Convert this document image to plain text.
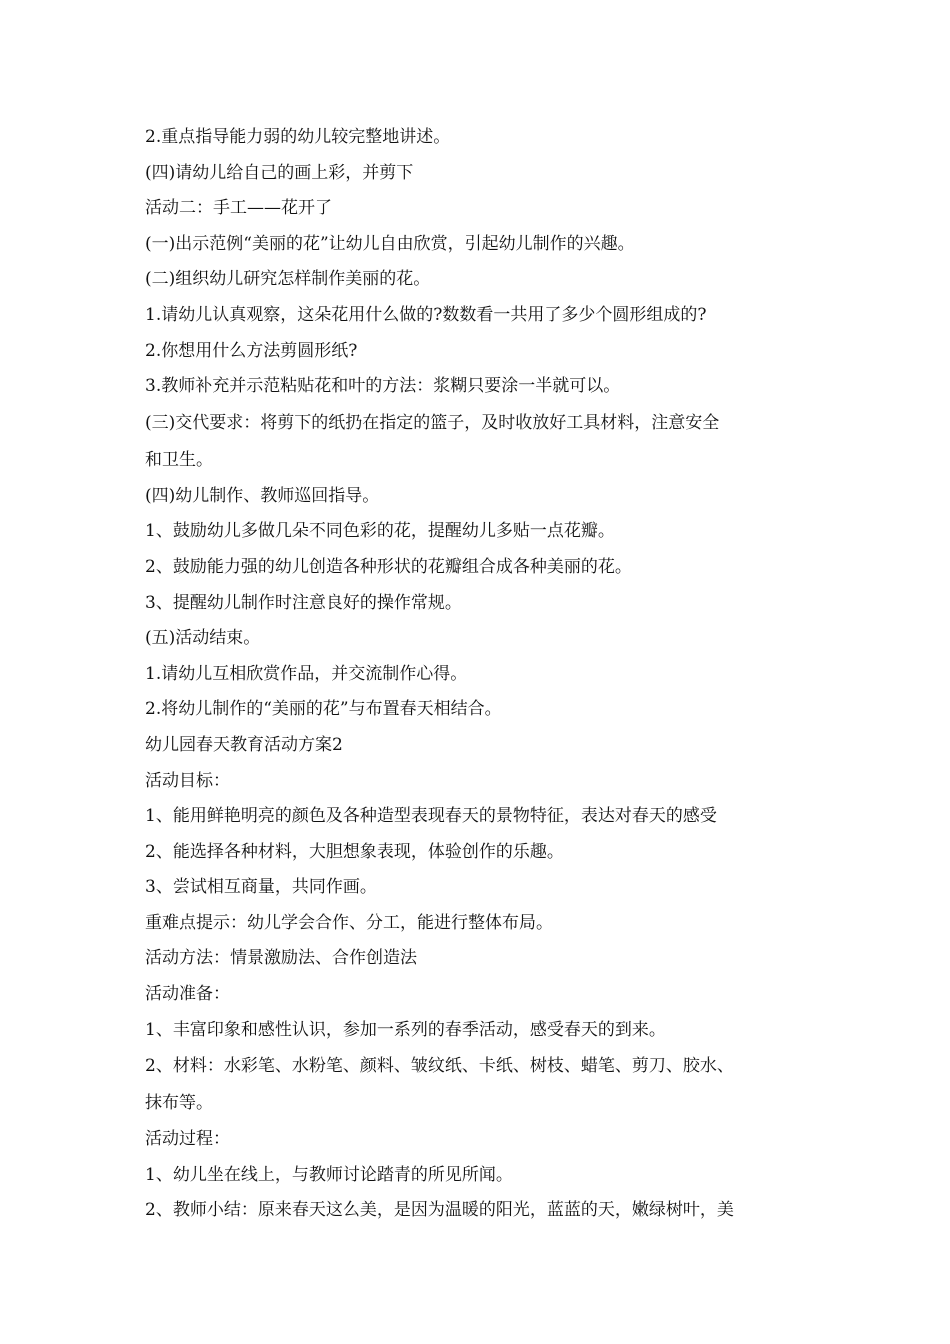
2.重点指导能力弱的幼儿较完整地讲述。
(四)请幼儿给自己的画上彩，并剪下
活动二：手工——花开了
(一)出示范例“美丽的花”让幼儿自由欣赏，引起幼儿制作的兴趣。
(二)组织幼儿研究怎样制作美丽的花。
1.请幼儿认真观察，这朵花用什么做的?数数看一共用了多少个圆形组成的?
2.你想用什么方法剪圆形纸?
3.教师补充并示范粘贴花和叶的方法：浆糊只要涂一半就可以。
(三)交代要求：将剪下的纸扔在指定的篮子，及时收放好工具材料，注意安全
和卫生。
(四)幼儿制作、教师巡回指导。
1、鼓励幼儿多做几朵不同色彩的花，提醒幼儿多贴一点花瓣。
2、鼓励能力强的幼儿创造各种形状的花瓣组合成各种美丽的花。
3、提醒幼儿制作时注意良好的操作常规。
(五)活动结束。
1.请幼儿互相欣赏作品，并交流制作心得。
2.将幼儿制作的“美丽的花”与布置春天相结合。
幼儿园春天教育活动方案2
活动目标：
1、能用鲜艳明亮的颜色及各种造型表现春天的景物特征，表达对春天的感受
2、能选择各种材料，大胆想象表现，体验创作的乐趣。
3、尝试相互商量，共同作画。
重难点提示：幼儿学会合作、分工，能进行整体布局。
活动方法：情景激励法、合作创造法
活动准备：
1、丰富印象和感性认识，参加一系列的春季活动，感受春天的到来。
2、材料：水彩笔、水粉笔、颜料、皱纹纸、卡纸、树枝、蜡笔、剪刀、胶水、
抹布等。
活动过程：
1、幼儿坐在线上，与教师讨论踏青的所见所闻。
2、教师小结：原来春天这么美，是因为温暖的阳光，蓝蓝的天，嫩绿树叶，美
